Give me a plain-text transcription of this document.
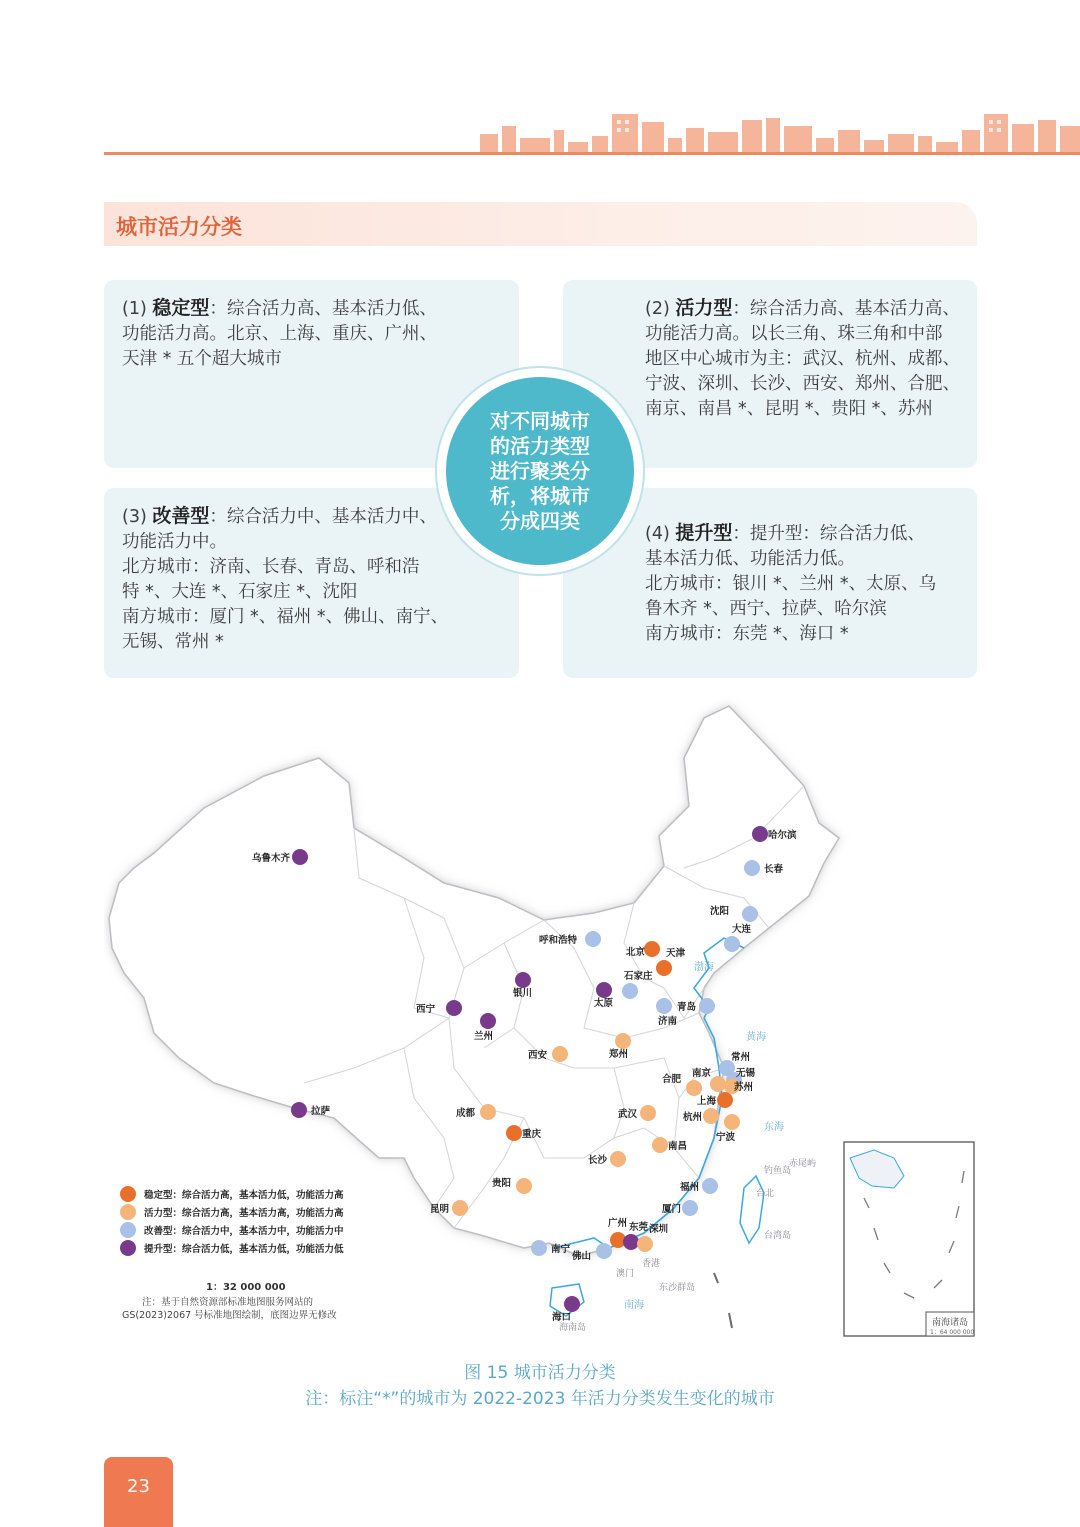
城市活力分类

(1) 稳定型：综合活力高、基本活力低、

功能活力高。北京、上海、重庆、广州、

天津 * 五个超大城市

(2) 活力型：综合活力高、基本活力高、

功能活力高。以长三角、珠三角和中部

地区中心城市为主：武汉、杭州、成都、

宁波、深圳、长沙、西安、郑州、合肥、

南京、南昌 *、昆明 *、贵阳 *、苏州

(3) 改善型：综合活力中、基本活力中、

功能活力中。

北方城市：济南、长春、青岛、呼和浩

特 *、大连 *、石家庄 *、沈阳

南方城市：厦门 *、福州 *、佛山、南宁、

无锡、常州 *

(4) 提升型：提升型：综合活力低、

基本活力低、功能活力低。

北方城市：银川 *、兰州 *、太原、乌

鲁木齐 *、西宁、拉萨、哈尔滨

南方城市：东莞 *、海口 *

对不同城市
的活力类型
进行聚类分
析，将城市
分成四类
南海诸岛
1：64 000 000
渤海
黄海
东海
南海
台湾岛
钓鱼岛
赤尾屿
台北
海南岛
东沙群岛
香港
澳门
乌鲁木齐
哈尔滨
长春
沈阳
大连
呼和浩特
北京 天津
石家庄
银川
太原
西宁
兰州
青岛
济南
西安	郑州
南京
常州
无锡
苏州
合肥
上海
拉萨	成都	武汉	杭州
重庆	宁波
南昌
长沙
贵阳	福州
昆明	厦门
广州 东莞 深圳
南宁
佛山
海口
稳定型：综合活力高，基本活力低，功能活力高
活力型：综合活力高，基本活力高，功能活力高
改善型：综合活力中，基本活力中，功能活力中
提升型：综合活力低，基本活力低，功能活力低
1：32 000 000
注：基于自然资源部标准地图服务网站的
GS(2023)2067 号标准地图绘制，底图边界无修改
图 15 城市活力分类
注：标注“*”的城市为 2022-2023 年活力分类发生变化的城市
23
